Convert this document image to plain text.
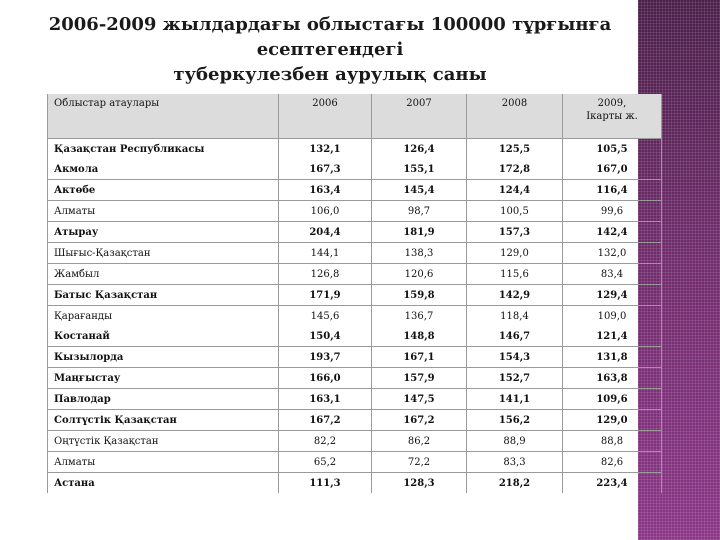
2006-2009 жылдардағы облыстағы 100000 тұрғынға есептегендегі
туберкулезбен аурулық саны
Облыстар атаулары	2006	2007	2008	2009,
Ікарты ж.

Қазақстан Республикасы	132,1	126,4	125,5	105,5
Акмола	167,3	155,1	172,8	167,0
Актөбе	163,4	145,4	124,4	116,4
Алматы	106,0	98,7	100,5	99,6
Атырау	204,4	181,9	157,3	142,4
Шығыс-Қазақстан	144,1	138,3	129,0	132,0
Жамбыл	126,8	120,6	115,6	83,4
Батыс Қазақстан	171,9	159,8	142,9	129,4
Қарағанды	145,6	136,7	118,4	109,0
Костанай	150,4	148,8	146,7	121,4
Кызылорда	193,7	167,1	154,3	131,8
Маңғыстау	166,0	157,9	152,7	163,8
Павлодар	163,1	147,5	141,1	109,6
Солтүстік Қазақстан	167,2	167,2	156,2	129,0
Оңтүстік Қазақстан	82,2	86,2	88,9	88,8
Алматы	65,2	72,2	83,3	82,6
Астана	111,3	128,3	218,2	223,4
